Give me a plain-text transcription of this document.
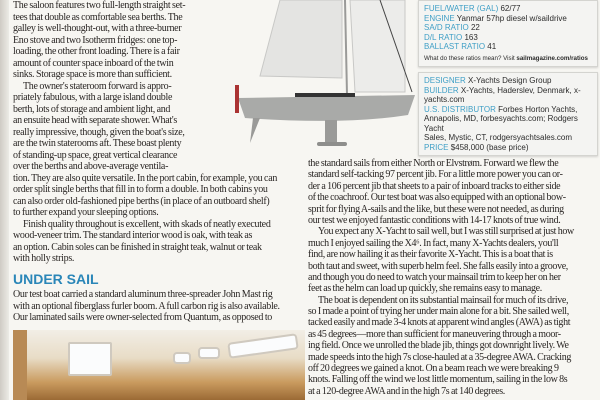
The saloon features two full-length straight set-
tees that double as comfortable sea berths. The
galley is well-thought-out, with a three-burner
Eno stove and two Isotherm fridges: one top-
loading, the other front loading. There is a fair
amount of counter space inboard of the twin
sinks. Storage space is more than sufficient.
The owner's stateroom forward is appro-
priately fabulous, with a large island double
berth, lots of storage and ambient light, and
an ensuite head with separate shower. What's
really impressive, though, given the boat's size,
are the twin staterooms aft. These boast plenty
of standing-up space, great vertical clearance
over the berths and above-average ventila-
tion. They are also quite versatile. In the port cabin, for example, you can
order split single berths that fill in to form a double. In both cabins you
can also order old-fashioned pipe berths (in place of an outboard shelf)
to further expand your sleeping options.
Finish quality throughout is excellent, with skads of neatly executed
wood-veneer trim. The standard interior wood is oak, with teak as
an option. Cabin soles can be finished in straight teak, walnut or teak
with holly strips.
UNDER SAIL
Our test boat carried a standard aluminum three-spreader John Mast rig
with an optional fiberglass furler boom. A full carbon rig is also available.
Our laminated sails were owner-selected from Quantum, as opposed to
FUEL/WATER (GAL) 62/77
ENGINE Yanmar 57hp diesel w/saildrive
SA/D RATIO 22
D/L RATIO 163
BALLAST RATIO 41
What do these ratios mean? Visit sailmagazine.com/ratios
DESIGNER X-Yachts Design Group
BUILDER X-Yachts, Haderslev, Denmark, x-yachts.com
U.S. DISTRIBUTOR Forbes Horton Yachts,
Annapolis, MD, forbesyachts.com; Rodgers Yacht
Sales, Mystic, CT, rodgersyachtsales.com
PRICE $458,000 (base price)
the standard sails from either North or Elvstrøm. Forward we flew the
standard self-tacking 97 percent jib. For a little more power you can or-
der a 106 percent jib that sheets to a pair of inboard tracks to either side
of the coachroof. Our test boat was also equipped with an optional bow-
sprit for flying A-sails and the like, but these were not needed, as during
our test we enjoyed fantastic conditions with 14-17 knots of true wind.
You expect any X-Yacht to sail well, but I was still surprised at just how
much I enjoyed sailing the X4⁶. In fact, many X-Yachts dealers, you'll
find, are now hailing it as their favorite X-Yacht. This is a boat that is
both taut and sweet, with superb helm feel. She falls easily into a groove,
and though you do need to watch your mainsail trim to keep her on her
feet as the helm can load up quickly, she remains easy to manage.
The boat is dependent on its substantial mainsail for much of its drive,
so I made a point of trying her under main alone for a bit. She sailed well,
tacked easily and made 3-4 knots at apparent wind angles (AWA) as tight
as 45 degrees—more than sufficient for maneuvering through a moor-
ing field. Once we unrolled the blade jib, things got downright lively. We
made speeds into the high 7s close-hauled at a 35-degree AWA. Cracking
off 20 degrees we gained a knot. On a beam reach we were breaking 9
knots. Falling off the wind we lost little momentum, sailing in the low 8s
at a 120-degree AWA and in the high 7s at 140 degrees.
